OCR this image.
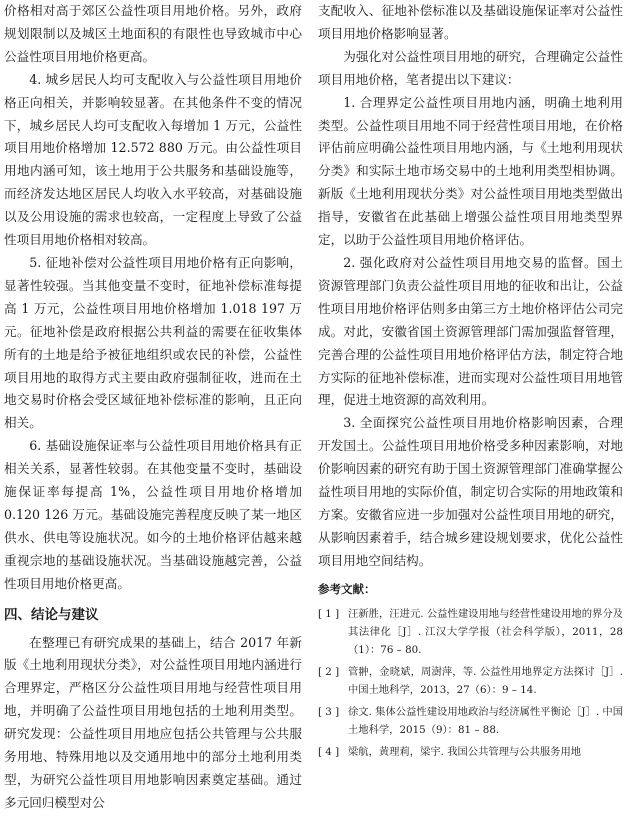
价格相对高于郊区公益性项目用地价格。另外，政府规划限制以及城区土地面积的有限性也导致城市中心公益性项目用地价格更高。

4. 城乡居民人均可支配收入与公益性项目用地价格正向相关，并影响较显著。在其他条件不变的情况下，城乡居民人均可支配收入每增加 1 万元，公益性项目用地价格增加 12.572 880 万元。由公益性项目用地内涵可知，该土地用于公共服务和基础设施等，而经济发达地区居民人均收入水平较高，对基础设施以及公用设施的需求也较高，一定程度上导致了公益性项目用地价格相对较高。

5. 征地补偿对公益性项目用地价格有正向影响，显著性较强。当其他变量不变时，征地补偿标准每提高 1 万元，公益性项目用地价格增加 1.018 197 万元。征地补偿是政府根据公共利益的需要在征收集体所有的土地是给予被征地组织或农民的补偿，公益性项目用地的取得方式主要由政府强制征收，进而在土地交易时价格会受区域征地补偿标准的影响，且正向相关。

6. 基础设施保证率与公益性项目用地价格具有正相关关系，显著性较弱。在其他变量不变时，基础设施保证率每提高 1%，公益性项目用地价格增加 0.120 126 万元。基础设施完善程度反映了某一地区供水、供电等设施状况。如今的土地价格评估越来越重视宗地的基础设施状况。当基础设施越完善，公益性项目用地价格更高。

四、结论与建议

在整理已有研究成果的基础上，结合 2017 年新版《土地利用现状分类》，对公益性项目用地内涵进行合理界定，严格区分公益性项目用地与经营性项目用地，并明确了公益性项目用地包括的土地利用类型。研究发现：公益性项目用地应包括公共管理与公共服务用地、特殊用地以及交通用地中的部分土地利用类型，为研究公益性项目用地影响因素奠定基础。通过多元回归模型对公

支配收入、征地补偿标准以及基础设施保证率对公益性项目用地价格影响显著。

为强化对公益性项目用地的研究，合理确定公益性项目用地价格，笔者提出以下建议：

1. 合理界定公益性项目用地内涵，明确土地利用类型。公益性项目用地不同于经营性项目用地，在价格评估前应明确公益性项目用地内涵，与《土地利用现状分类》和实际土地市场交易中的土地利用类型相协调。新版《土地利用现状分类》对公益性项目用地类型做出指导，安徽省在此基础上增强公益性项目用地类型界定，以助于公益性项目用地价格评估。

2. 强化政府对公益性项目用地交易的监督。国土资源管理部门负责公益性项目用地的征收和出让，公益性项目用地价格评估则多由第三方土地价格评估公司完成。对此，安徽省国土资源管理部门需加强监督管理，完善合理的公益性项目用地价格评估方法，制定符合地方实际的征地补偿标准，进而实现对公益性项目用地管理，促进土地资源的高效利用。

3. 全面探究公益性项目用地价格影响因素，合理开发国土。公益性项目用地价格受多种因素影响，对地价影响因素的研究有助于国土资源管理部门准确掌握公益性项目用地的实际价值，制定切合实际的用地政策和方案。安徽省应进一步加强对公益性项目用地的研究，从影响因素着手，结合城乡建设规划要求，优化公益性项目用地空间结构。

参考文献：
[ 1 ] 汪新胜，汪进元. 公益性建设用地与经营性建设用地的界分及其法律化［J］. 江汉大学学报（社会科学版），2011，28（1）：76 – 80.
[ 2 ] 管翀，金晓斌，周澍萍，等. 公益性用地界定方法探讨［J］. 中国土地科学，2013，27（6）：9 – 14.
[ 3 ] 徐文. 集体公益性建设用地政治与经济属性平衡论［J］. 中国土地科学，2015（9）：81 – 88.
[ 4 ] 梁航，黄理莉，梁宇. 我国公共管理与公共服务用地
